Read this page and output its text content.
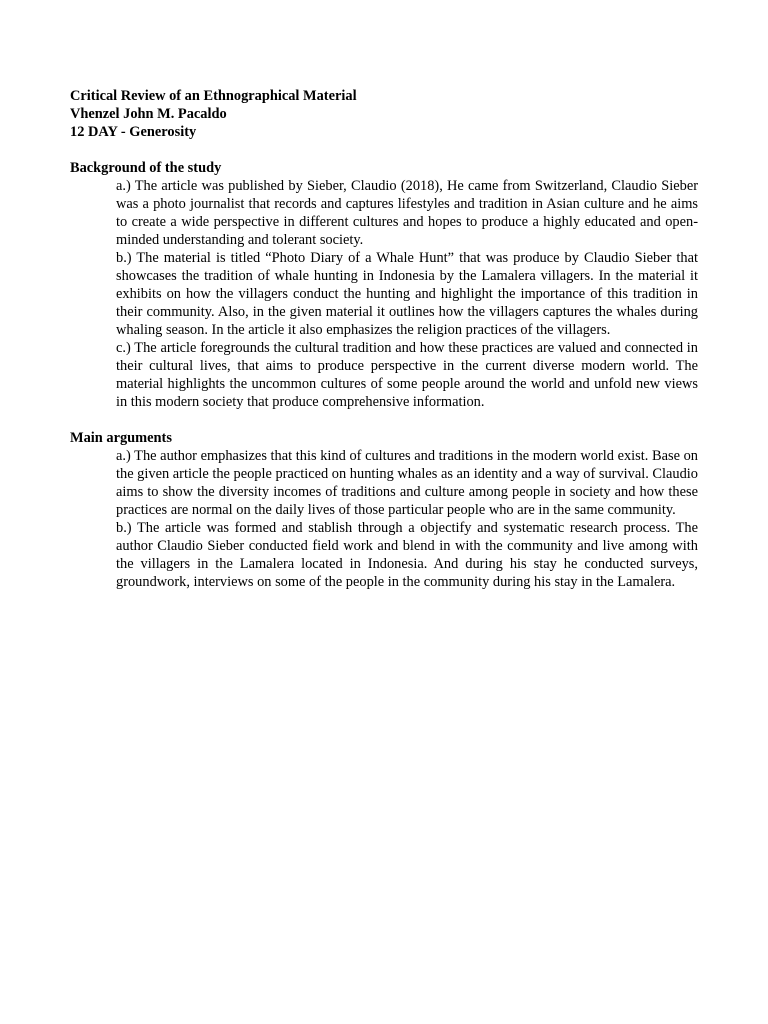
Critical Review of an Ethnographical Material

Vhenzel John M. Pacaldo

12 DAY - Generosity

Background of the study

a.) The article was published by Sieber, Claudio (2018), He came from Switzerland, Claudio Sieber was a photo journalist that records and captures lifestyles and tradition in Asian culture and he aims to create a wide perspective in different cultures and hopes to produce a highly educated and open-minded understanding and tolerant society.

b.) The material is titled “Photo Diary of a Whale Hunt” that was produce by Claudio Sieber that showcases the tradition of whale hunting in Indonesia by the Lamalera villagers. In the material it exhibits on how the villagers conduct the hunting and highlight the importance of this tradition in their community. Also, in the given material it outlines how the villagers captures the whales during whaling season. In the article it also emphasizes the religion practices of the villagers.

c.) The article foregrounds the cultural tradition and how these practices are valued and connected in their cultural lives, that aims to produce perspective in the current diverse modern world. The material highlights the uncommon cultures of some people around the world and unfold new views in this modern society that produce comprehensive information.

Main arguments

a.) The author emphasizes that this kind of cultures and traditions in the modern world exist. Base on the given article the people practiced on hunting whales as an identity and a way of survival. Claudio aims to show the diversity incomes of traditions and culture among people in society and how these practices are normal on the daily lives of those particular people who are in the same community.

b.) The article was formed and stablish through a objectify and systematic research process. The author Claudio Sieber conducted field work and blend in with the community and live among with the villagers in the Lamalera located in Indonesia. And during his stay he conducted surveys, groundwork, interviews on some of the people in the community during his stay in the Lamalera.
